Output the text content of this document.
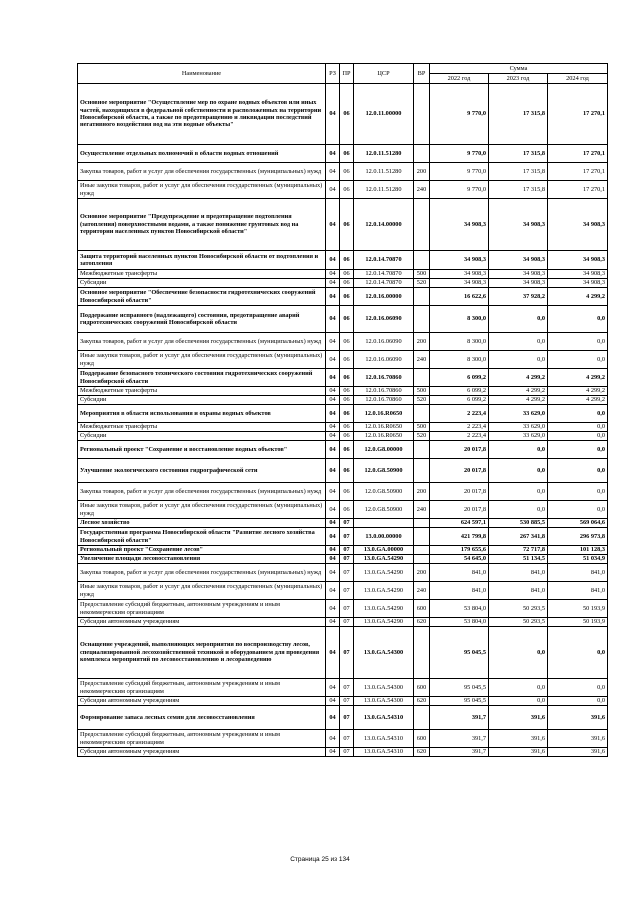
Наименование	РЗ	ПР	ЦСР	ВР	Сумма		
					2022 год	2023 год	2024 год
Основное мероприятие "Осуществление мер по охране водных объектов или иных частей, находящихся в федеральной собственности и расположенных на территории Новосибирской области, а также по предотвращению и ликвидации последствий негативного воздействия вод на эти водные объекты"	04	06	12.0.11.00000		9 770,0	17 315,8	17 270,1
Осуществление отдельных полномочий в области водных отношений	04	06	12.0.11.51280		9 770,0	17 315,8	17 270,1
Закупка товаров, работ и услуг для обеспечения государственных (муниципальных) нужд	04	06	12.0.11.51280	200	9 770,0	17 315,8	17 270,1
Иные закупки товаров, работ и услуг для обеспечения государственных (муниципальных) нужд	04	06	12.0.11.51280	240	9 770,0	17 315,8	17 270,1
Основное мероприятие "Предупреждение и предотвращение подтопления (затопления) поверхностными водами, а также понижение грунтовых вод на территории населенных пунктов Новосибирской области"	04	06	12.0.14.00000		34 908,3	34 908,3	34 908,3
Защита территорий населенных пунктов Новосибирской области от подтопления и затопления	04	06	12.0.14.70870		34 908,3	34 908,3	34 908,3
Межбюджетные трансферты	04	06	12.0.14.70870	500	34 908,3	34 908,3	34 908,3
Субсидии	04	06	12.0.14.70870	520	34 908,3	34 908,3	34 908,3
Основное мероприятие "Обеспечение безопасности гидротехнических сооружений Новосибирской области"	04	06	12.0.16.00000		16 622,6	37 928,2	4 299,2
Поддержание исправного (надлежащего) состояния, предотвращение аварий гидротехнических сооружений Новосибирской области	04	06	12.0.16.06090		8 300,0	0,0	0,0
Закупка товаров, работ и услуг для обеспечения государственных (муниципальных) нужд	04	06	12.0.16.06090	200	8 300,0	0,0	0,0
Иные закупки товаров, работ и услуг для обеспечения государственных (муниципальных) нужд	04	06	12.0.16.06090	240	8 300,0	0,0	0,0
Поддержание безопасного технического состояния гидротехнических сооружений Новосибирской области	04	06	12.0.16.70860		6 099,2	4 299,2	4 299,2
Межбюджетные трансферты	04	06	12.0.16.70860	500	6 099,2	4 299,2	4 299,2
Субсидии	04	06	12.0.16.70860	520	6 099,2	4 299,2	4 299,2
Мероприятия в области использования и охраны водных объектов	04	06	12.0.16.R0650		2 223,4	33 629,0	0,0
Межбюджетные трансферты	04	06	12.0.16.R0650	500	2 223,4	33 629,0	0,0
Субсидии	04	06	12.0.16.R0650	520	2 223,4	33 629,0	0,0
Региональный проект "Сохранение и восстановление водных объектов"	04	06	12.0.G8.00000		20 017,8	0,0	0,0
Улучшение экологического состояния гидрографической сети	04	06	12.0.G8.50900		20 017,8	0,0	0,0
Закупка товаров, работ и услуг для обеспечения государственных (муниципальных) нужд	04	06	12.0.G8.50900	200	20 017,8	0,0	0,0
Иные закупки товаров, работ и услуг для обеспечения государственных (муниципальных) нужд	04	06	12.0.G8.50900	240	20 017,8	0,0	0,0
Лесное хозяйство	04	07			624 597,1	530 885,5	569 064,6
Государственная программа Новосибирской области "Развитие лесного хозяйства Новосибирской области"	04	07	13.0.00.00000		421 799,8	267 341,8	296 973,8
Региональный проект "Сохранение лесов"	04	07	13.0.GA.00000		179 655,6	72 717,8	101 128,3
Увеличение площади лесовосстановления	04	07	13.0.GA.54290		54 645,0	51 134,5	51 034,9
Закупка товаров, работ и услуг для обеспечения государственных (муниципальных) нужд	04	07	13.0.GA.54290	200	841,0	841,0	841,0
Иные закупки товаров, работ и услуг для обеспечения государственных (муниципальных) нужд	04	07	13.0.GA.54290	240	841,0	841,0	841,0
Предоставление субсидий бюджетным, автономным учреждениям и иным некоммерческим организациям	04	07	13.0.GA.54290	600	53 804,0	50 293,5	50 193,9
Субсидии автономным учреждениям	04	07	13.0.GA.54290	620	53 804,0	50 293,5	50 193,9
Оснащение учреждений, выполняющих мероприятия по воспроизводству лесов, специализированной лесохозяйственной техникой и оборудованием для проведения комплекса мероприятий по лесовосстановлению и лесоразведению	04	07	13.0.GA.54300		95 045,5	0,0	0,0
Предоставление субсидий бюджетным, автономным учреждениям и иным некоммерческим организациям	04	07	13.0.GA.54300	600	95 045,5	0,0	0,0
Субсидии автономным учреждениям	04	07	13.0.GA.54300	620	95 045,5	0,0	0,0
Формирование запаса лесных семян для лесовосстановления	04	07	13.0.GA.54310		391,7	391,6	391,6
Предоставление субсидий бюджетным, автономным учреждениям и иным некоммерческим организациям	04	07	13.0.GA.54310	600	391,7	391,6	391,6
Субсидии автономным учреждениям	04	07	13.0.GA.54310	620	391,7	391,6	391,6
Страница 25 из 134
